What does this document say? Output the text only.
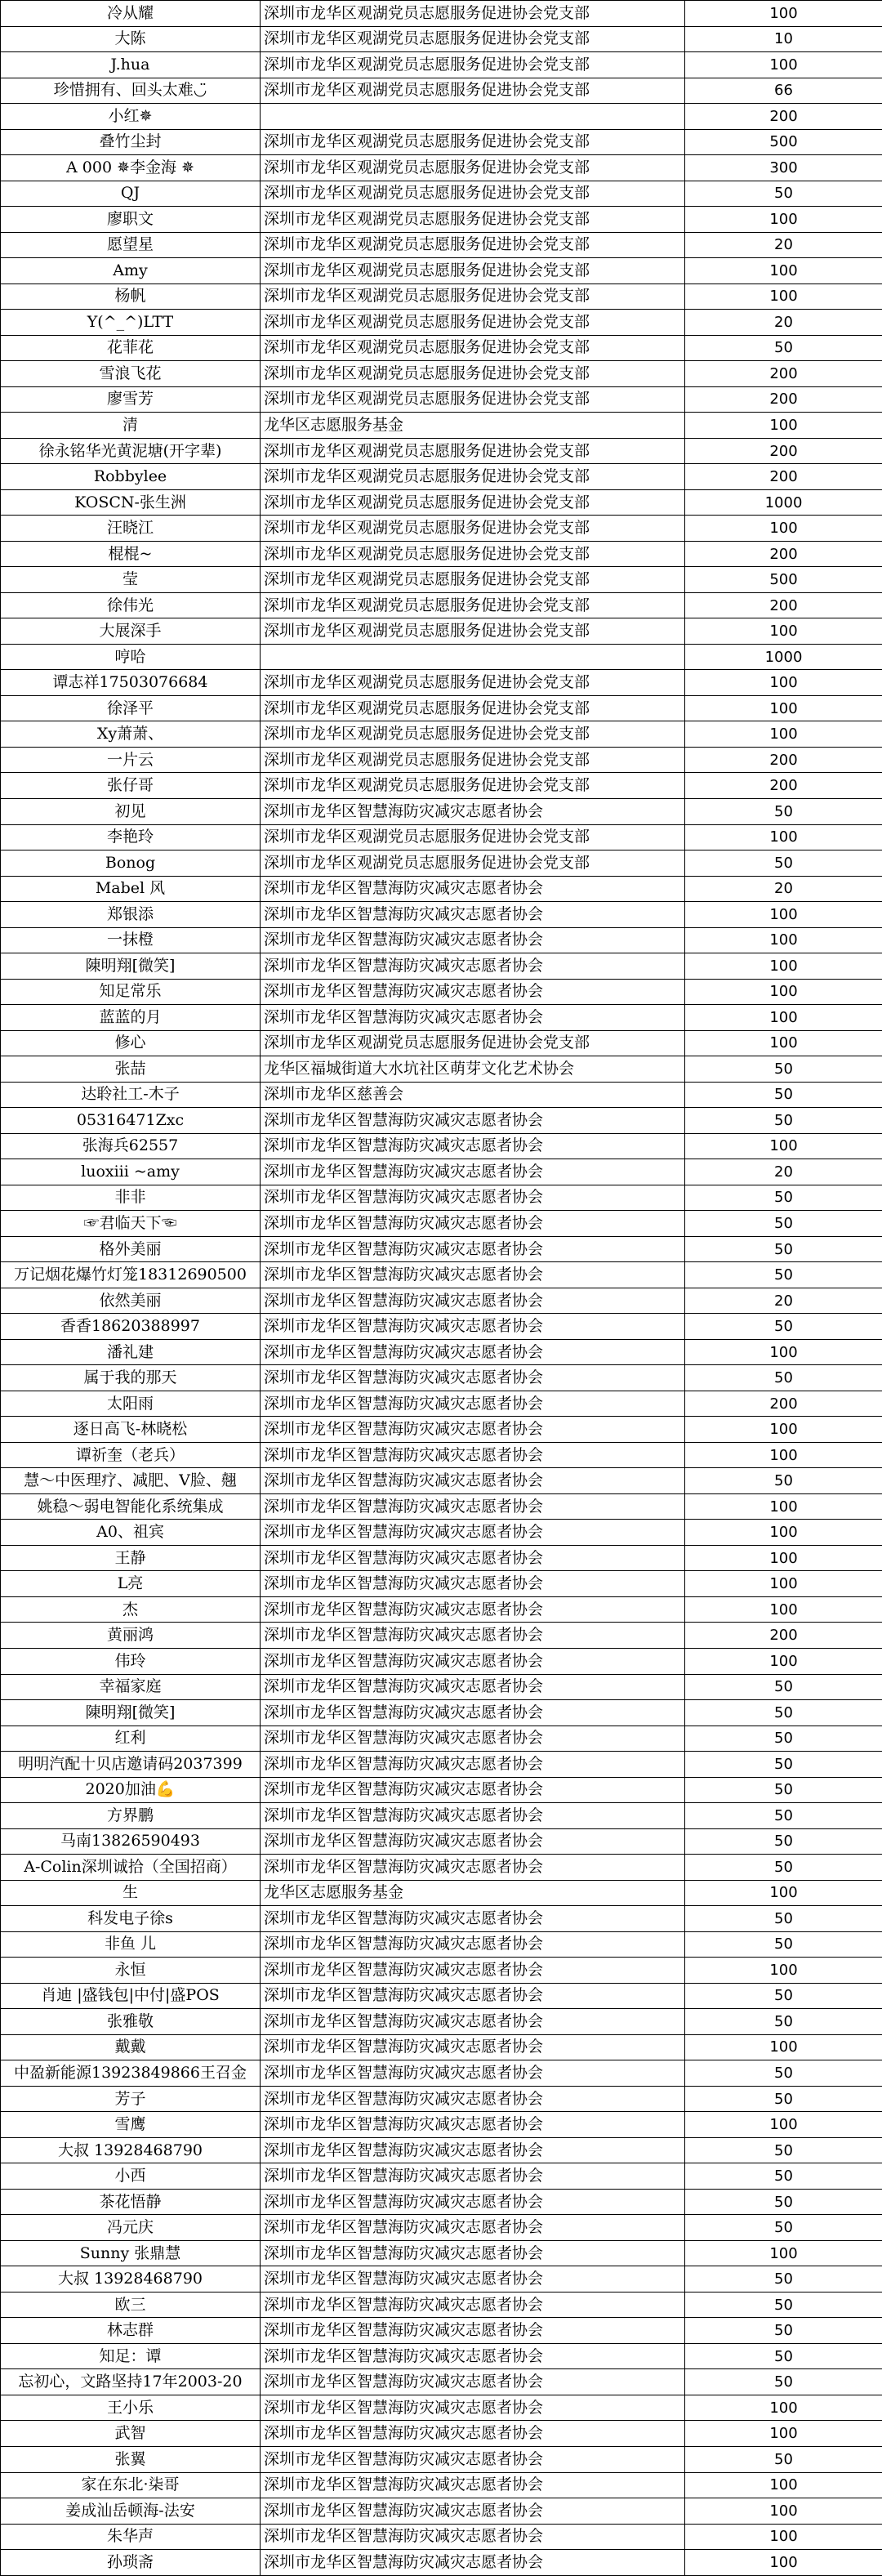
冷从耀	深圳市龙华区观湖党员志愿服务促进协会党支部	100
大陈	深圳市龙华区观湖党员志愿服务促进协会党支部	10
J.hua	深圳市龙华区观湖党员志愿服务促进协会党支部	100
珍惜拥有、回头太难◡̈	深圳市龙华区观湖党员志愿服务促进协会党支部	66
小红✵		200
叠竹尘封	深圳市龙华区观湖党员志愿服务促进协会党支部	500
A 000 ✵李金海 ✵	深圳市龙华区观湖党员志愿服务促进协会党支部	300
QJ	深圳市龙华区观湖党员志愿服务促进协会党支部	50
廖职文	深圳市龙华区观湖党员志愿服务促进协会党支部	100
愿望星	深圳市龙华区观湖党员志愿服务促进协会党支部	20
Amy	深圳市龙华区观湖党员志愿服务促进协会党支部	100
杨帆	深圳市龙华区观湖党员志愿服务促进协会党支部	100
Y(^_^)LTT	深圳市龙华区观湖党员志愿服务促进协会党支部	20
花菲花	深圳市龙华区观湖党员志愿服务促进协会党支部	50
雪浪飞花	深圳市龙华区观湖党员志愿服务促进协会党支部	200
廖雪芳	深圳市龙华区观湖党员志愿服务促进协会党支部	200
清	龙华区志愿服务基金	100
徐永铭华光黄泥塘(开字辈)	深圳市龙华区观湖党员志愿服务促进协会党支部	200
Robbylee	深圳市龙华区观湖党员志愿服务促进协会党支部	200
KOSCN-张生洲	深圳市龙华区观湖党员志愿服务促进协会党支部	1000
汪晓江	深圳市龙华区观湖党员志愿服务促进协会党支部	100
棍棍~	深圳市龙华区观湖党员志愿服务促进协会党支部	200
莹	深圳市龙华区观湖党员志愿服务促进协会党支部	500
徐伟光	深圳市龙华区观湖党员志愿服务促进协会党支部	200
大展深手	深圳市龙华区观湖党员志愿服务促进协会党支部	100
哼哈		1000
谭志祥17503076684	深圳市龙华区观湖党员志愿服务促进协会党支部	100
徐泽平	深圳市龙华区观湖党员志愿服务促进协会党支部	100
Xy萧萧、	深圳市龙华区观湖党员志愿服务促进协会党支部	100
一片云	深圳市龙华区观湖党员志愿服务促进协会党支部	200
张仔哥	深圳市龙华区观湖党员志愿服务促进协会党支部	200
初见	深圳市龙华区智慧海防灾减灾志愿者协会	50
李艳玲	深圳市龙华区观湖党员志愿服务促进协会党支部	100
Bonog	深圳市龙华区观湖党员志愿服务促进协会党支部	50
Mabel 风	深圳市龙华区智慧海防灾减灾志愿者协会	20
郑银添	深圳市龙华区智慧海防灾减灾志愿者协会	100
一抹橙	深圳市龙华区智慧海防灾减灾志愿者协会	100
陳明翔[微笑]	深圳市龙华区智慧海防灾减灾志愿者协会	100
知足常乐	深圳市龙华区智慧海防灾减灾志愿者协会	100
蓝蓝的月	深圳市龙华区智慧海防灾减灾志愿者协会	100
修心	深圳市龙华区观湖党员志愿服务促进协会党支部	100
张喆	龙华区福城街道大水坑社区萌芽文化艺术协会	50
达聆社工-木子	深圳市龙华区慈善会	50
05316471Zxc	深圳市龙华区智慧海防灾减灾志愿者协会	50
张海兵62557	深圳市龙华区智慧海防灾减灾志愿者协会	100
luoxiii ~amy	深圳市龙华区智慧海防灾减灾志愿者协会	20
非非	深圳市龙华区智慧海防灾减灾志愿者协会	50
☞君临天下☜	深圳市龙华区智慧海防灾减灾志愿者协会	50
格外美丽	深圳市龙华区智慧海防灾减灾志愿者协会	50
万记烟花爆竹灯笼18312690500	深圳市龙华区智慧海防灾减灾志愿者协会	50
依然美丽	深圳市龙华区智慧海防灾减灾志愿者协会	20
香香18620388997	深圳市龙华区智慧海防灾减灾志愿者协会	50
潘礼建	深圳市龙华区智慧海防灾减灾志愿者协会	100
属于我的那天	深圳市龙华区智慧海防灾减灾志愿者协会	50
太阳雨	深圳市龙华区智慧海防灾减灾志愿者协会	200
逐日高飞-林晓松	深圳市龙华区智慧海防灾减灾志愿者协会	100
谭祈奎（老兵）	深圳市龙华区智慧海防灾减灾志愿者协会	100
慧～中医理疗、减肥、V脸、翹	深圳市龙华区智慧海防灾减灾志愿者协会	50
姚稳～弱电智能化系统集成	深圳市龙华区智慧海防灾减灾志愿者协会	100
A0、祖宾	深圳市龙华区智慧海防灾减灾志愿者协会	100
王静	深圳市龙华区智慧海防灾减灾志愿者协会	100
L亮	深圳市龙华区智慧海防灾减灾志愿者协会	100
杰	深圳市龙华区智慧海防灾减灾志愿者协会	100
黄丽鸿	深圳市龙华区智慧海防灾减灾志愿者协会	200
伟玲	深圳市龙华区智慧海防灾减灾志愿者协会	100
幸福家庭	深圳市龙华区智慧海防灾减灾志愿者协会	50
陳明翔[微笑]	深圳市龙华区智慧海防灾减灾志愿者协会	50
红利	深圳市龙华区智慧海防灾减灾志愿者协会	50
明明汽配十贝店邀请码2037399	深圳市龙华区智慧海防灾减灾志愿者协会	50
2020加油💪	深圳市龙华区智慧海防灾减灾志愿者协会	50
方界鹏	深圳市龙华区智慧海防灾减灾志愿者协会	50
马南13826590493	深圳市龙华区智慧海防灾减灾志愿者协会	50
A-Colin深圳诚拾（全国招商）	深圳市龙华区智慧海防灾减灾志愿者协会	50
生	龙华区志愿服务基金	100
科发电子徐s	深圳市龙华区智慧海防灾减灾志愿者协会	50
非鱼 儿	深圳市龙华区智慧海防灾减灾志愿者协会	50
永恒	深圳市龙华区智慧海防灾减灾志愿者协会	100
肖迪 |盛钱包|中付|盛POS	深圳市龙华区智慧海防灾减灾志愿者协会	50
张雅敬	深圳市龙华区智慧海防灾减灾志愿者协会	50
戴戴	深圳市龙华区智慧海防灾减灾志愿者协会	100
中盈新能源13923849866王召金	深圳市龙华区智慧海防灾减灾志愿者协会	50
芳子	深圳市龙华区智慧海防灾减灾志愿者协会	50
雪鹰	深圳市龙华区智慧海防灾减灾志愿者协会	100
大叔 13928468790	深圳市龙华区智慧海防灾减灾志愿者协会	50
小西	深圳市龙华区智慧海防灾减灾志愿者协会	50
茶花悟静	深圳市龙华区智慧海防灾减灾志愿者协会	50
冯元庆	深圳市龙华区智慧海防灾减灾志愿者协会	50
Sunny 张鼎慧	深圳市龙华区智慧海防灾减灾志愿者协会	100
大叔 13928468790	深圳市龙华区智慧海防灾减灾志愿者协会	50
欧三	深圳市龙华区智慧海防灾减灾志愿者协会	50
林志群	深圳市龙华区智慧海防灾减灾志愿者协会	50
知足：谭	深圳市龙华区智慧海防灾减灾志愿者协会	50
忘初心，文路坚持17年2003-20	深圳市龙华区智慧海防灾减灾志愿者协会	50
王小乐	深圳市龙华区智慧海防灾减灾志愿者协会	100
武智	深圳市龙华区智慧海防灾减灾志愿者协会	100
张翼	深圳市龙华区智慧海防灾减灾志愿者协会	50
家在东北·柒哥	深圳市龙华区智慧海防灾减灾志愿者协会	100
姜成汕岳顿海-法安	深圳市龙华区智慧海防灾减灾志愿者协会	100
朱华声	深圳市龙华区智慧海防灾减灾志愿者协会	100
孙琐斋	深圳市龙华区智慧海防灾减灾志愿者协会	100
